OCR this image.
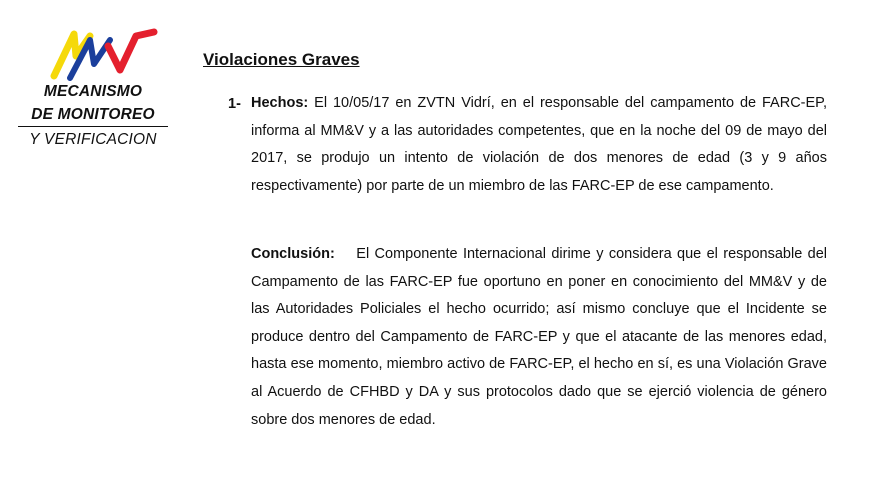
MECANISMO
DE MONITOREO
Y VERIFICACION
Violaciones Graves
1- Hechos: El 10/05/17 en ZVTN Vidrí, en el responsable del campamento de FARC-EP, informa al MM&V y a las autoridades competentes, que en la noche del 09 de mayo del 2017, se produjo un intento de violación de dos menores de edad (3 y 9 años respectivamente) por parte de un miembro de las FARC-EP de ese campamento.
Conclusión: El Componente Internacional dirime y considera que el responsable del Campamento de las FARC-EP fue oportuno en poner en conocimiento del MM&V y de las Autoridades Policiales el hecho ocurrido; así mismo concluye que el Incidente se produce dentro del Campamento de FARC-EP y que el atacante de las menores edad, hasta ese momento, miembro activo de FARC-EP, el hecho en sí, es una Violación Grave al Acuerdo de CFHBD y DA y sus protocolos dado que se ejerció violencia de género sobre dos menores de edad.
